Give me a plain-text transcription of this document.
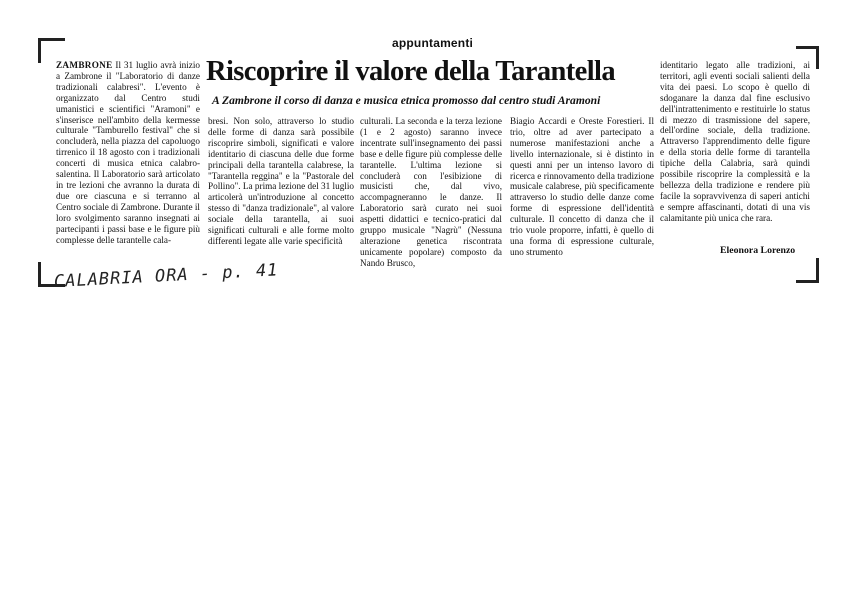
appuntamenti
Riscoprire il valore della Tarantella
A Zambrone il corso di danza e musica etnica promosso dal centro studi Aramoni

ZAMBRONE Il 31 luglio avrà inizio a Zambrone il "Laboratorio di danze tradizionali calabresi". L'evento è organizzato dal Centro studi umanistici e scientifici "Aramoni" e s'inserisce nell'ambito della kermesse culturale "Tamburello festival" che si concluderà, nella piazza del capoluogo tirrenico il 18 agosto con i tradizionali concerti di musica etnica calabro-salentina. Il Laboratorio sarà articolato in tre lezioni che avranno la durata di due ore ciascuna e si terranno al Centro sociale di Zambrone. Durante il loro svolgimento saranno insegnati ai partecipanti i passi base e le figure più complesse delle tarantelle cala-

bresi. Non solo, attraverso lo studio delle forme di danza sarà possibile riscoprire simboli, significati e valore identitario di ciascuna delle due forme principali della tarantella calabrese, la "Tarantella reggina" e la "Pastorale del Pollino". La prima lezione del 31 luglio articolerà un'introduzione al concetto stesso di "danza tradizionale", al valore sociale della tarantella, ai suoi significati culturali e alle forme molto differenti legate alle varie specificità

culturali. La seconda e la terza lezione (1 e 2 agosto) saranno invece incentrate sull'insegnamento dei passi base e delle figure più complesse delle tarantelle. L'ultima lezione si concluderà con l'esibizione di musicisti che, dal vivo, accompagneranno le danze. Il Laboratorio sarà curato nei suoi aspetti didattici e tecnico-pratici dal gruppo musicale "Nagrù" (Nessuna alterazione genetica riscontrata unicamente popolare) composto da Nando Brusco,

Biagio Accardi e Oreste Forestieri. Il trio, oltre ad aver partecipato a numerose manifestazioni anche a livello internazionale, si è distinto in questi anni per un intenso lavoro di ricerca e rinnovamento della tradizione musicale calabrese, più specificamente attraverso lo studio delle danze come forme di espressione dell'identità culturale. Il concetto di danza che il trio vuole proporre, infatti, è quello di una forma di espressione culturale, uno strumento

identitario legato alle tradizioni, ai territori, agli eventi sociali salienti della vita dei paesi. Lo scopo è quello di sdoganare la danza dal fine esclusivo dell'intrattenimento e restituirle lo status di mezzo di trasmissione del sapere, dell'ordine sociale, della tradizione. Attraverso l'apprendimento delle figure e della storia delle forme di tarantella tipiche della Calabria, sarà quindi possibile riscoprire la complessità e la bellezza della tradizione e rendere più facile la sopravvivenza di saperi antichi e sempre affascinanti, dotati di una vis calamitante più unica che rara.

Eleonora Lorenzo
CALABRIA ORA - p. 41
